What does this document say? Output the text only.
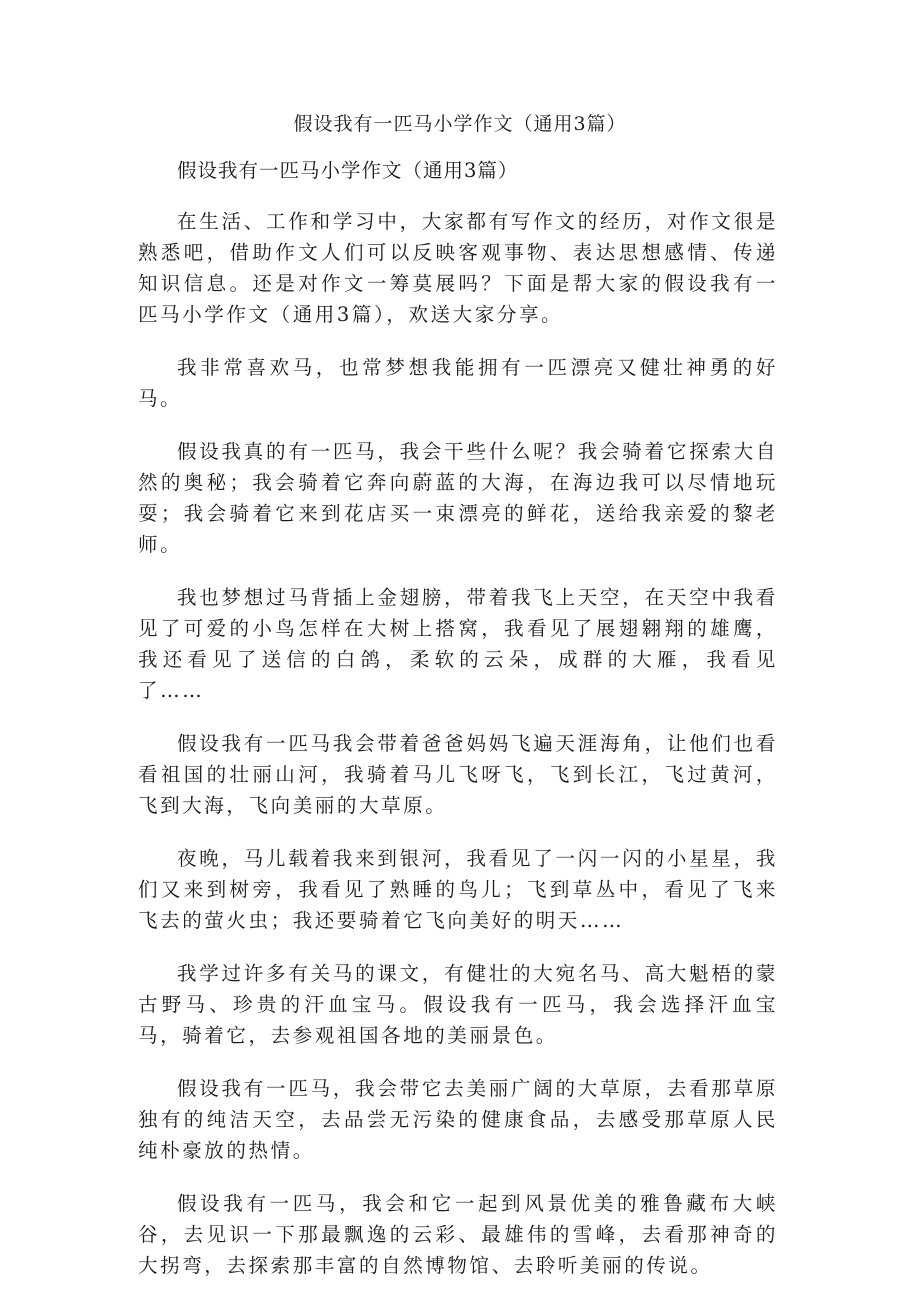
假设我有一匹马小学作文（通用3篇）

假设我有一匹马小学作文（通用3篇）

在生活、工作和学习中，大家都有写作文的经历，对作文很是熟悉吧，借助作文人们可以反映客观事物、表达思想感情、传递知识信息。还是对作文一筹莫展吗？下面是帮大家的假设我有一匹马小学作文（通用3篇），欢送大家分享。

我非常喜欢马，也常梦想我能拥有一匹漂亮又健壮神勇的好马。

假设我真的有一匹马，我会干些什么呢？我会骑着它探索大自然的奥秘；我会骑着它奔向蔚蓝的大海，在海边我可以尽情地玩耍；我会骑着它来到花店买一束漂亮的鲜花，送给我亲爱的黎老师。

我也梦想过马背插上金翅膀，带着我飞上天空，在天空中我看见了可爱的小鸟怎样在大树上搭窝，我看见了展翅翱翔的雄鹰，我还看见了送信的白鸽，柔软的云朵，成群的大雁，我看见了……

假设我有一匹马我会带着爸爸妈妈飞遍天涯海角，让他们也看看祖国的壮丽山河，我骑着马儿飞呀飞，飞到长江，飞过黄河，飞到大海，飞向美丽的大草原。

夜晚，马儿载着我来到银河，我看见了一闪一闪的小星星，我们又来到树旁，我看见了熟睡的鸟儿；飞到草丛中，看见了飞来飞去的萤火虫；我还要骑着它飞向美好的明天……

我学过许多有关马的课文，有健壮的大宛名马、高大魁梧的蒙古野马、珍贵的汗血宝马。假设我有一匹马，我会选择汗血宝马，骑着它，去参观祖国各地的美丽景色。

假设我有一匹马，我会带它去美丽广阔的大草原，去看那草原独有的纯洁天空，去品尝无污染的健康食品，去感受那草原人民纯朴豪放的热情。

假设我有一匹马，我会和它一起到风景优美的雅鲁藏布大峡谷，去见识一下那最飘逸的云彩、最雄伟的雪峰，去看那神奇的大拐弯，去探索那丰富的自然博物馆、去聆听美丽的传说。
